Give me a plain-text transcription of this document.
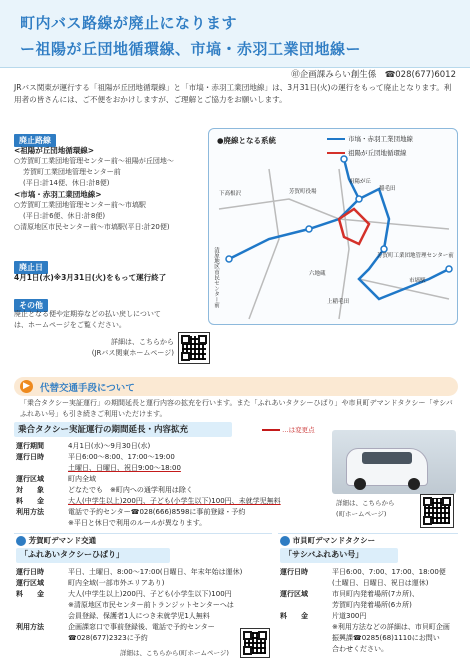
町内バス路線が廃止になります
ー祖陽が丘団地循環線、市塙・赤羽工業団地線ー
㊞企画課みらい創生係　☎028(677)6012
JRバス関東が運行する「祖陽が丘団地循環線」と「市塙・赤羽工業団地線」は、3月31日(火)の運行をもって廃止となります。利用者の皆さんには、ご不便をおかけしますが、ご理解とご協力をお願いします。
廃止路線
<祖陽が丘団地循環線>
○芳賀町工業団地管理センター前〜祖陽が丘団地〜
芳賀町工業団地管理センター前
(平日:計14便、休日:計8便)
<市塙・赤羽工業団地線>
○芳賀町工業団地管理センター前〜市塙駅
(平日:計6便、休日:計8便)
○清原地区市民センター前〜市塙駅(平日:計20便)
廃止日
4月1日(水)※3月31日(火)をもって運行終了
その他
廃止となる便や定期券などの払い戻しについては、ホームページをご覧ください。
詳細は、こちらから
(JRバス関東ホームページ)
●廃線となる系統	市塙・赤羽工業団地線
祖陽が丘団地循環線
清原地区市民センター前	芳賀町工業団地管理センター前
市塙駅
祖陽が丘
六地蔵
稲毛田
芳賀町役場
下高根沢
上稲毛田
▶	代替交通手段について
「乗合タクシー実証運行」の期間延長と運行内容の拡充を行います。また「ふれあいタクシーひばり」や市貝町デマンドタクシー「サシバふれあい号」も引き続きご利用いただけます。
乗合タクシー実証運行の期間延長・内容拡充	…は変更点
運行期間	4月1日(水)〜9月30日(水)
運行日時	平日6:00〜8:00、17:00〜19:00
土曜日、日曜日、祝日9:00〜18:00
運行区域	町内全域
対　　象	どなたでも　※町内への通学利用は除く
料　　金	大人(中学生以上)200円、子ども(小学生以下)100円、未就学児無料
利用方法	電話で予約センター☎028(666)8598に事前登録・予約
※平日と休日で利用のルールが異なります。
詳細は、こちらから
(町ホームページ)
芳賀町デマンド交通
「ふれあいタクシーひばり」
運行日時	平日、土曜日、8:00〜17:00(日曜日、年末年始は運休)
運行区域	町内全域(一部市外エリアあり)
料　　金	大人(中学生以上)200円、子ども(小学生以下)100円
※清原地区市民センター前トランジットセンターへは
会員登録、保護者1人につき未就学児1人無料
利用方法	企画課窓口で事前登録後、電話で予約センター
☎028(677)2323に予約
詳細は、こちらから(町ホームページ)
市貝町デマンドタクシー
「サシバふれあい号」
運行日時	平日6:00、7:00、17:00、18:00便
(土曜日、日曜日、祝日は運休)
運行区域	市貝町内発着場所(7カ所)、
芳賀町内発着場所(6カ所)
料　　金	片道300円
※利用方法などの詳細は、市貝町企画
振興課☎0285(68)1110にお問い
合わせください。
